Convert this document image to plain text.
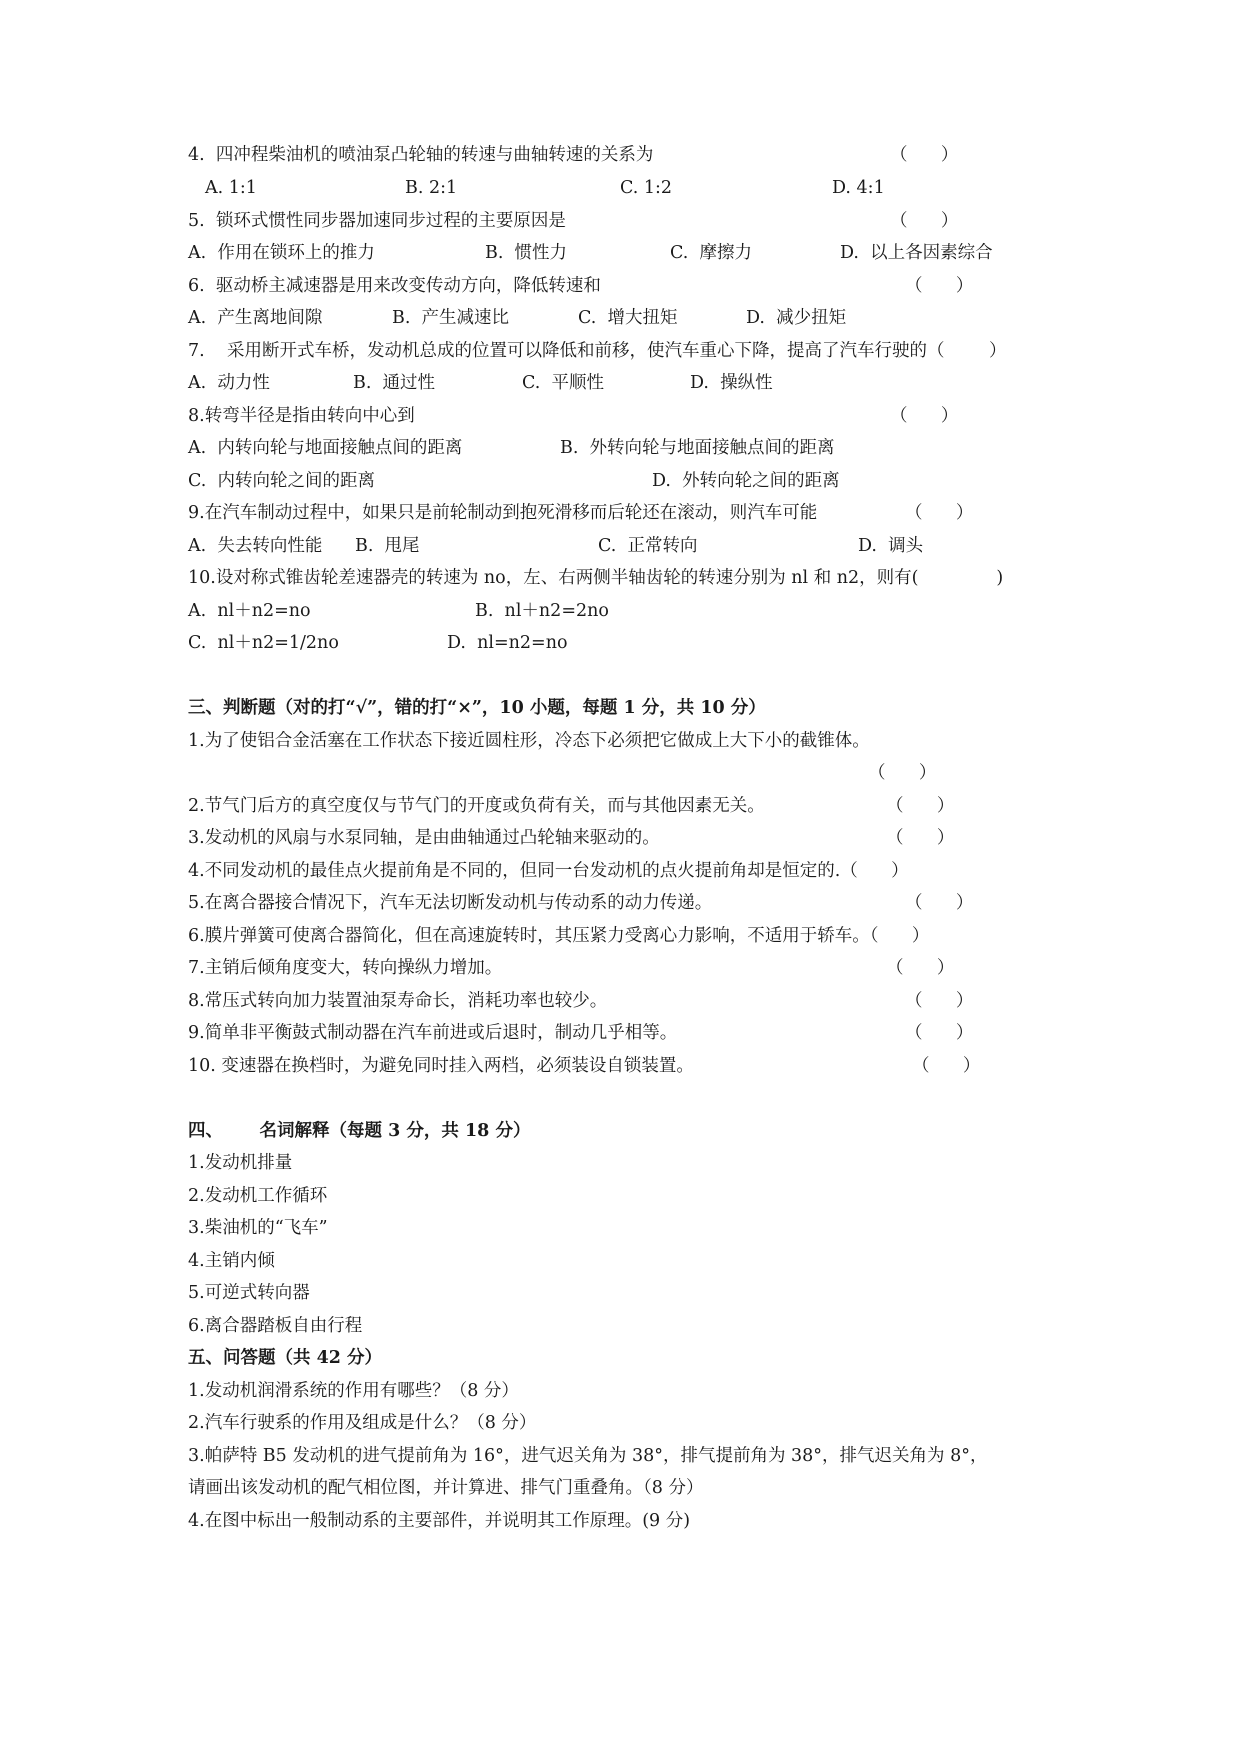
4.  四冲程柴油机的喷油泵凸轮轴的转速与曲轴转速的关系为
A. 1:1
5.  锁环式惯性同步器加速同步过程的主要原因是
A.  作用在锁环上的推力
6.  驱动桥主减速器是用来改变传动方向，降低转速和
A.  产生离地间隙
7.    采用断开式车桥，发动机总成的位置可以降低和前移，使汽车重心下降，提高了汽车行驶的（        ）
A.  动力性
8.转弯半径是指由转向中心到
A.  内转向轮与地面接触点间的距离
C.  内转向轮之间的距离
9.在汽车制动过程中，如果只是前轮制动到抱死滑移而后轮还在滚动，则汽车可能
A.  失去转向性能
10.设对称式锥齿轮差速器壳的转速为 no，左、右两侧半轴齿轮的转速分别为 nl 和 n2，则有(              )
A.  nl＋n2=no
C.  nl＋n2=1/2no
三、判断题（对的打“√”，错的打“×”，10 小题，每题 1 分，共 10 分）
1.为了使铝合金活塞在工作状态下接近圆柱形，冷态下必须把它做成上大下小的截锥体。
2.节气门后方的真空度仅与节气门的开度或负荷有关，而与其他因素无关。
3.发动机的风扇与水泵同轴，是由曲轴通过凸轮轴来驱动的。
4.不同发动机的最佳点火提前角是不同的，但同一台发动机的点火提前角却是恒定的.（      ）
5.在离合器接合情况下，汽车无法切断发动机与传动系的动力传递。
6.膜片弹簧可使离合器简化，但在高速旋转时，其压紧力受离心力影响，不适用于轿车。（      ）
7.主销后倾角度变大，转向操纵力增加。
8.常压式转向加力装置油泵寿命长，消耗功率也较少。
9.简单非平衡鼓式制动器在汽车前进或后退时，制动几乎相等。
10. 变速器在换档时，为避免同时挂入两档，必须装设自锁装置。
四、      名词解释（每题 3 分，共 18 分）
1.发动机排量
2.发动机工作循环
3.柴油机的“飞车”
4.主销内倾
5.可逆式转向器
6.离合器踏板自由行程
五、问答题（共 42 分）
1.发动机润滑系统的作用有哪些？（8 分）
2.汽车行驶系的作用及组成是什么？（8 分）
3.帕萨特 B5 发动机的进气提前角为 16°，进气迟关角为 38°，排气提前角为 38°，排气迟关角为 8°，
请画出该发动机的配气相位图，并计算进、排气门重叠角。（8 分）
4.在图中标出一般制动系的主要部件，并说明其工作原理。(9 分)
（      ）
B. 2:1	C. 1:2	D. 4:1
（      ）
B.  惯性力	C.  摩擦力	D.  以上各因素综合
（      ）
B.  产生减速比	C.  增大扭矩	D.  减少扭矩
B.  通过性	C.  平顺性	D.  操纵性
（      ）
B.  外转向轮与地面接触点间的距离
D.  外转向轮之间的距离
（      ）
B.  甩尾	C.  正常转向	D.  调头
B.  nl＋n2=2no
D.  nl=n2=no
（      ）
（      ）
（      ）
（      ）
（      ）
（      ）
（      ）
（      ）
